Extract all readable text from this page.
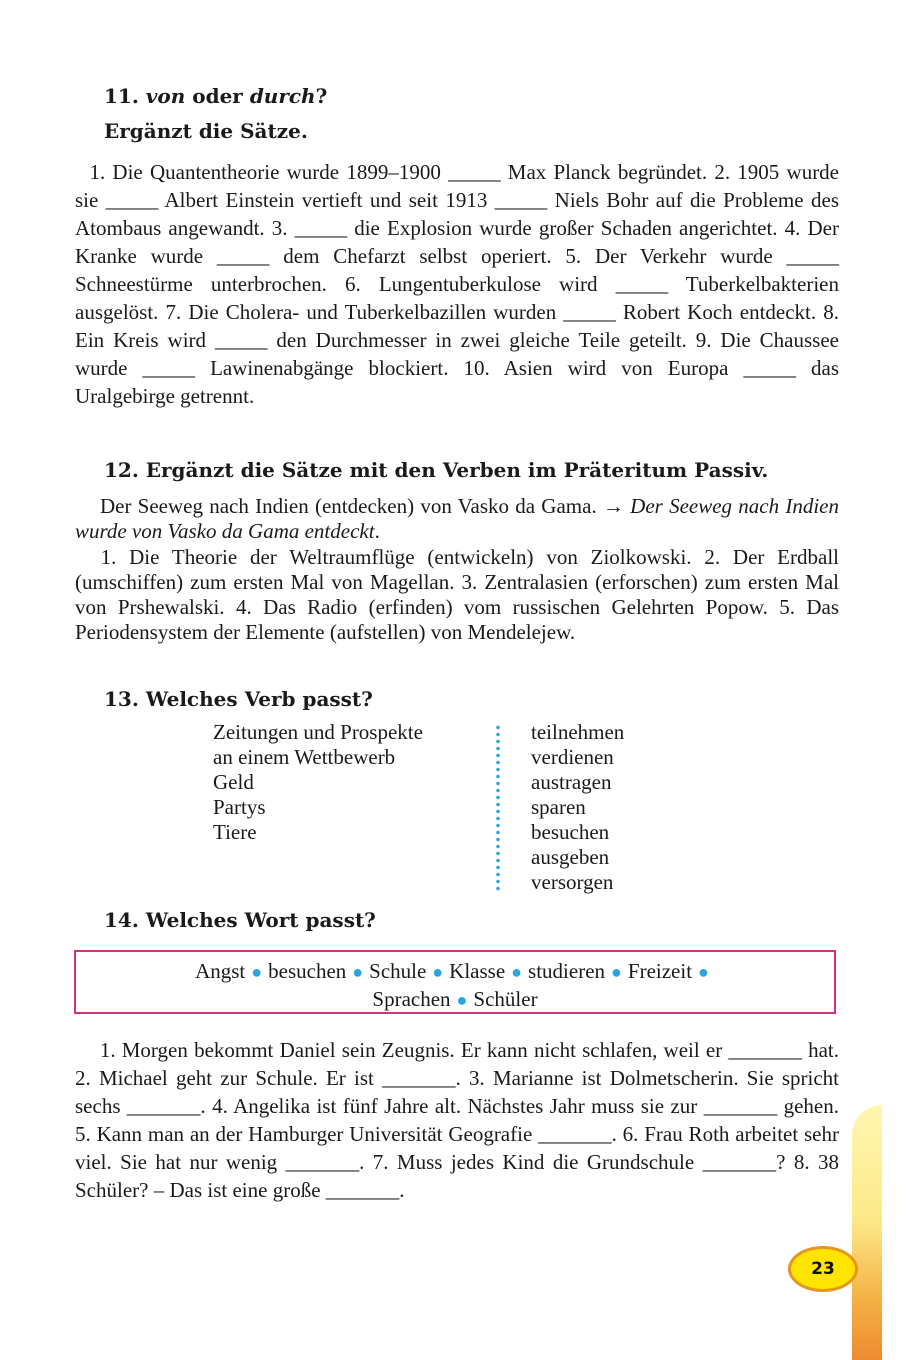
11. von oder durch?
Ergänzt die Sätze.
1. Die Quantentheorie wurde 1899–1900 _____ Max Planck begründet. 2. 1905 wurde sie _____ Albert Einstein vertieft und seit 1913 _____ Niels Bohr auf die Probleme des Atombaus angewandt. 3. _____ die Explosion wurde großer Schaden angerichtet. 4. Der Kranke wurde _____ dem Chefarzt selbst operiert. 5. Der Verkehr wurde _____ Schneestürme unterbrochen. 6. Lungentuberkulose wird _____ Tuberkelbakterien ausgelöst. 7. Die Cholera- und Tuberkelbazillen wurden _____ Robert Koch entdeckt. 8. Ein Kreis wird _____ den Durchmesser in zwei gleiche Teile geteilt. 9. Die Chaussee wurde _____ Lawinenabgänge blockiert. 10. Asien wird von Europa _____ das Uralgebirge getrennt.
12. Ergänzt die Sätze mit den Verben im Präteritum Passiv.
Der Seeweg nach Indien (entdecken) von Vasko da Gama. → Der Seeweg nach Indien wurde von Vasko da Gama entdeckt.
1. Die Theorie der Weltraumflüge (entwickeln) von Ziolkowski. 2. Der Erdball (umschiffen) zum ersten Mal von Magellan. 3. Zentralasien (erforschen) zum ersten Mal von Prshewalski. 4. Das Radio (erfinden) vom russischen Gelehrten Popow. 5. Das Periodensystem der Elemente (aufstellen) von Mendelejew.
13. Welches Verb passt?
Zeitungen und Prospekte
an einem Wettbewerb
Geld
Partys
Tiere
teilnehmen
verdienen
austragen
sparen
besuchen
ausgeben
versorgen
14. Welches Wort passt?
Angst ● besuchen ● Schule ● Klasse ● studieren ● Freizeit ●
Sprachen ● Schüler
1. Morgen bekommt Daniel sein Zeugnis. Er kann nicht schlafen, weil er _______ hat. 2. Michael geht zur Schule. Er ist _______. 3. Marianne ist Dolmetscherin. Sie spricht sechs _______. 4. Angelika ist fünf Jahre alt. Nächstes Jahr muss sie zur _______ gehen. 5. Kann man an der Hamburger Universität Geografie _______. 6. Frau Roth arbeitet sehr viel. Sie hat nur wenig _______. 7. Muss jedes Kind die Grundschule _______? 8. 38 Schüler? – Das ist eine große _______.
23
